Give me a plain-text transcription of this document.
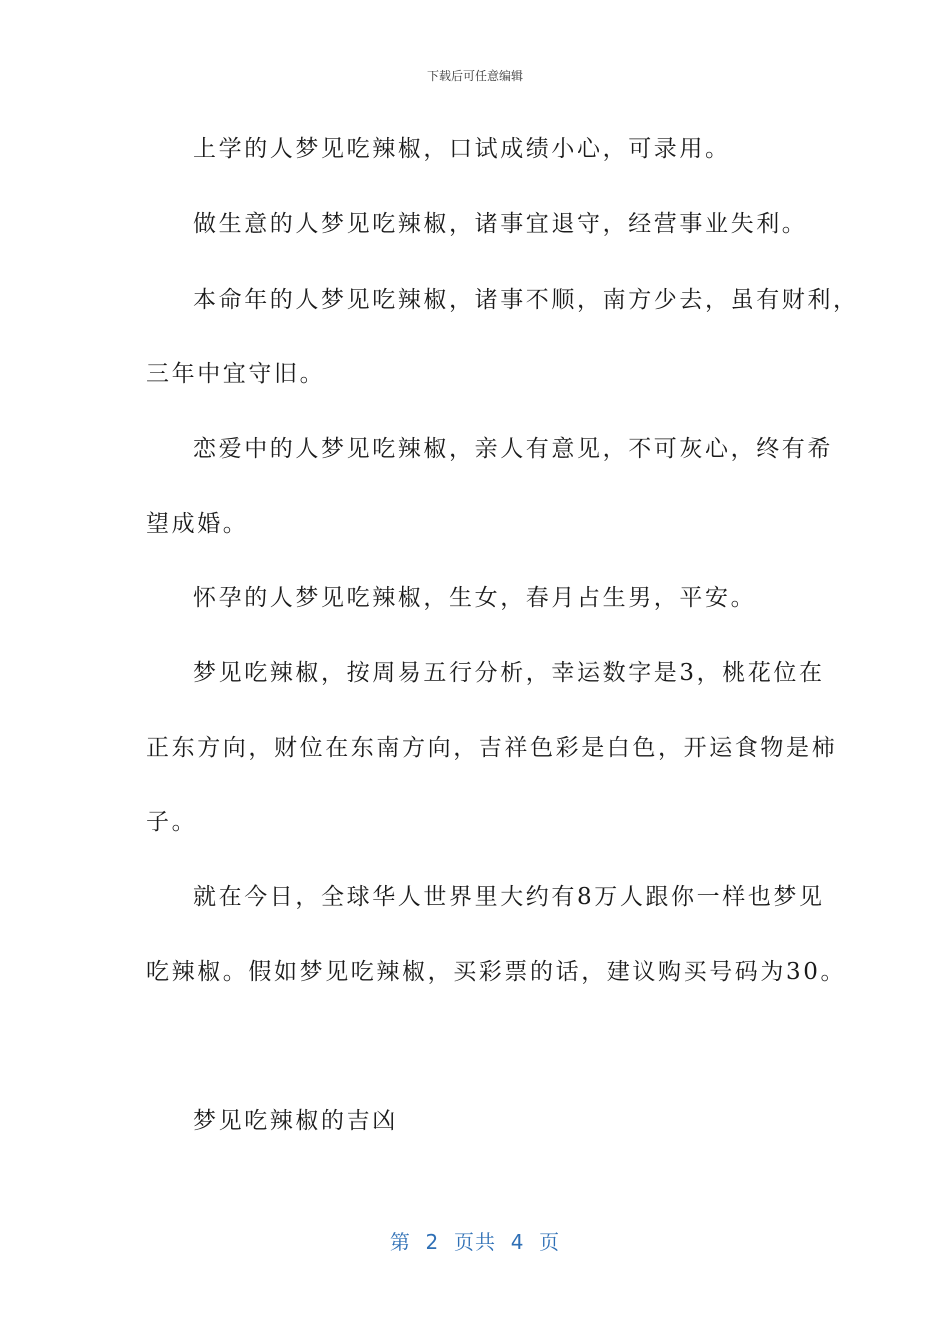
下载后可任意编辑
上学的人梦见吃辣椒，口试成绩小心，可录用。
做生意的人梦见吃辣椒，诸事宜退守，经营事业失利。
本命年的人梦见吃辣椒，诸事不顺，南方少去，虽有财利，
三年中宜守旧。
恋爱中的人梦见吃辣椒，亲人有意见，不可灰心，终有希
望成婚。
怀孕的人梦见吃辣椒，生女，春月占生男，平安。
梦见吃辣椒，按周易五行分析，幸运数字是3，桃花位在
正东方向，财位在东南方向，吉祥色彩是白色，开运食物是柿
子。
就在今日，全球华人世界里大约有8万人跟你一样也梦见
吃辣椒。假如梦见吃辣椒，买彩票的话，建议购买号码为30。
梦见吃辣椒的吉凶
第  2  页共  4  页
